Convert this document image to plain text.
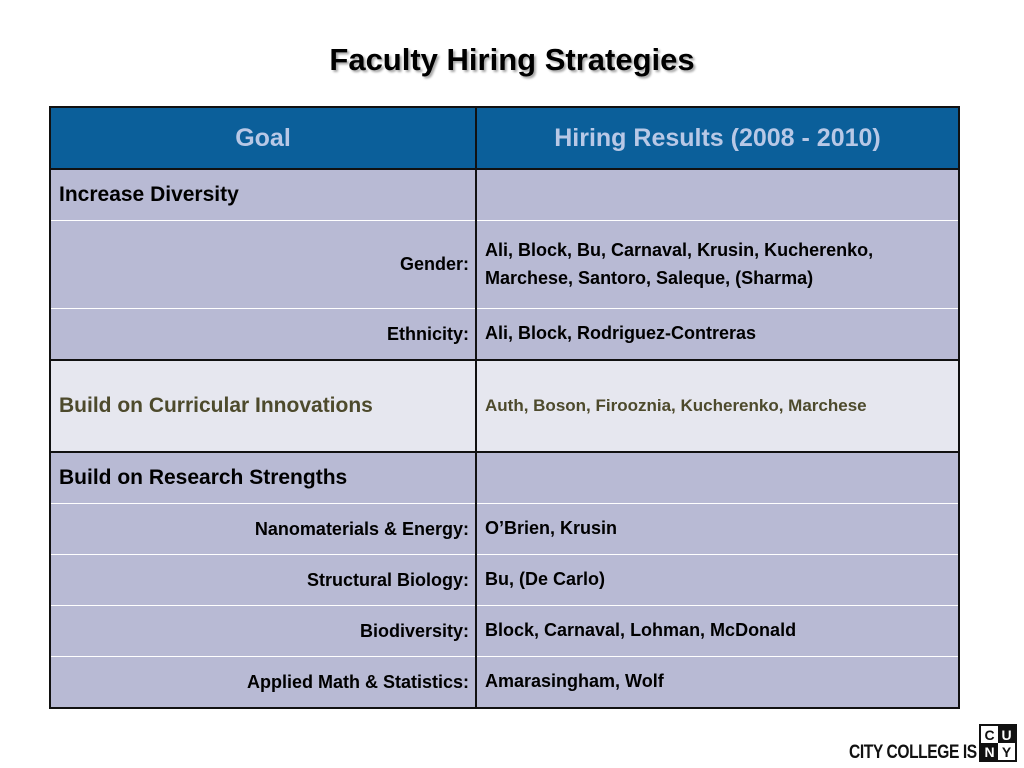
Faculty Hiring Strategies
Goal	Hiring Results (2008 - 2010)
Increase Diversity	
Gender:	Ali, Block, Bu, Carnaval, Krusin, Kucherenko, Marchese, Santoro, Saleque, (Sharma)
Ethnicity:	Ali, Block, Rodriguez-Contreras
Build on Curricular Innovations	Auth, Boson, Firooznia, Kucherenko, Marchese
Build on Research Strengths	
Nanomaterials & Energy:	O’Brien, Krusin
Structural Biology:	Bu, (De Carlo)
Biodiversity:	Block, Carnaval, Lohman, McDonald
Applied Math & Statistics:	Amarasingham, Wolf
CITY COLLEGE IS
C U
N Y
